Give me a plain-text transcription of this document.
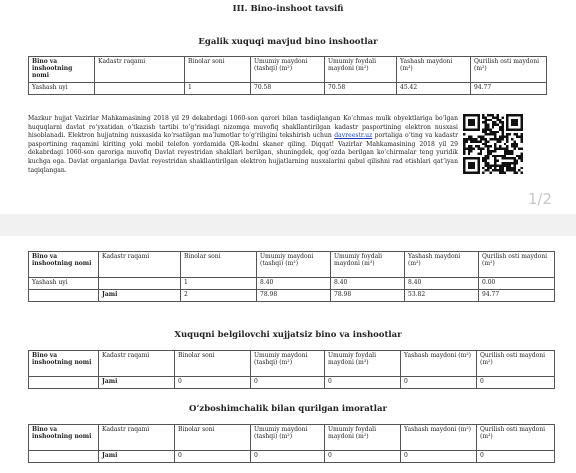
III. Bino-inshoot tavsifi
Egalik xuquqi mavjud bino inshootlar
Bino va inshootning nomi	Kadastr raqami	Binolar soni	Umumiy maydoni (tashqi) (m²)	Umumiy foydali maydoni (m²)	Yashash maydoni (m²)	Qurilish osti maydoni (m²)
Yashash uyi		1	70.58	70.58	45.42	94.77

Mazkur hujjat Vazirlar Mahkamasining 2018 yil 29 dekabrdagi 1060-son qarori bilan tasdiqlangan Ko‘chmas mulk obyektlariga bo‘lgan huquqlarni davlat ro‘yxatidan o‘tkazish tartibi to‘g‘risidagi nizomga muvofiq shakllantirilgan kadastr pasportining elektron nusxasi hisoblanadi. Elektron hujjatning nusxasida ko‘rsatilgan ma‘lumotlar to‘g‘riligini tekshirish uchun davreestr.uz portaliga o‘ting va kadastr pasportining raqamini kiriting yoki mobil telefon yordamida QR-kodni skaner qiling. Diqqat! Vazirlar Mahkamasining 2018 yil 29 dekabrdagi 1060-son qaroriga muvofiq Davlat reyestridan shakllari berilgan, shuningdek, qog‘ozda berilgan ko‘chirmalar teng yuridik kuchga ega. Davlat organlariga Davlat reyestridan shakllantirilgan elektron hujjatlarning nusxalarini qabul qilishni rad etishlari qat’iyan taqiqlangan.

1/2
Bino va inshootning nomi	Kadastr raqami	Binolar soni	Umumiy maydoni (tashqi) (m²)	Umumiy foydali maydoni (m²)	Yashash maydoni (m²)	Qurilish osti maydoni (m²)
Yashash uyi		1	8.40	8.40	8.40	0.00
	Jami	2	78.98	78.98	53.82	94.77
Xuquqni belgilovchi xujjatsiz bino va inshootlar
Bino va inshootning nomi	Kadastr raqami	Binolar soni	Umumiy maydoni (tashqi) (m²)	Umumiy foydali maydoni (m²)	Yashash maydoni (m²)	Qurilish osti maydoni (m²)
	Jami	0	0	0	0	0
O‘zboshimchalik bilan qurilgan imoratlar
Bino va inshootning nomi	Kadastr raqami	Binolar soni	Umumiy maydoni (tashqi) (m²)	Umumiy foydali maydoni (m²)	Yashash maydoni (m²)	Qurilish osti maydoni (m²)
	Jami	0	0	0	0	0
